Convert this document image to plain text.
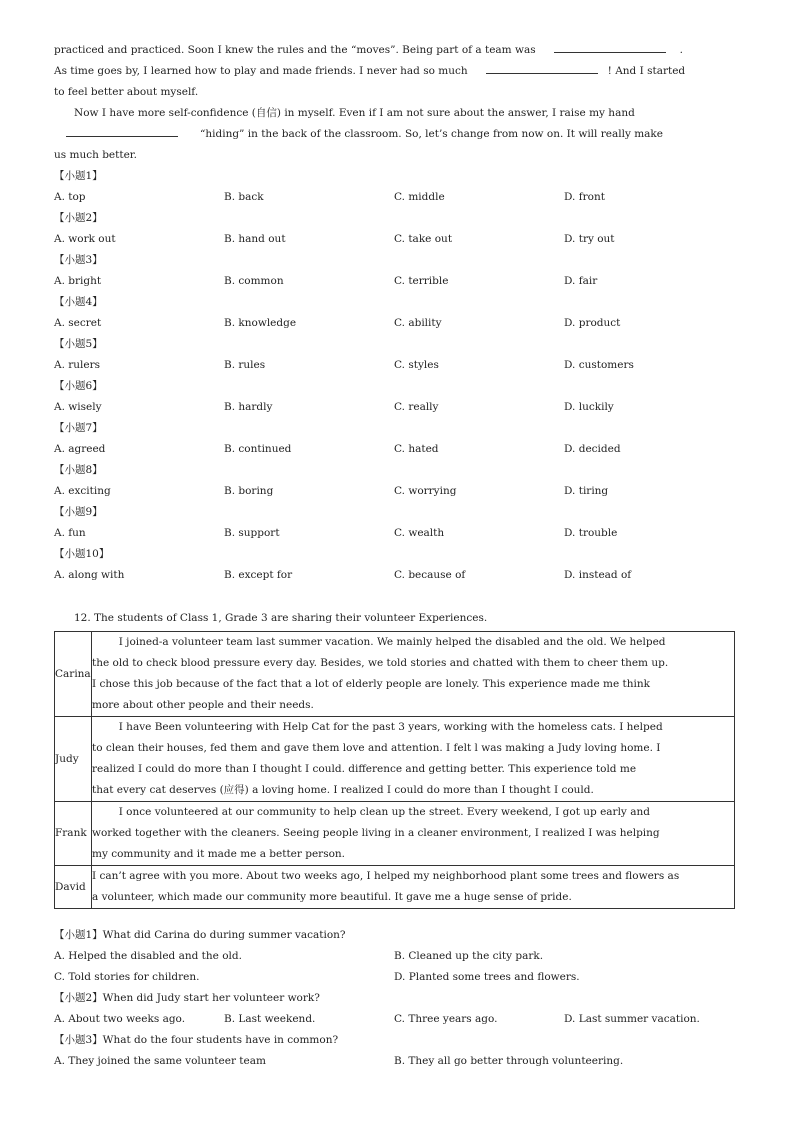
practiced and practiced. Soon I knew the rules and the “moves”. Being part of a team was	.

As time goes by, I learned how to play and made friends. I never had so much	! And I started

to feel better about myself.

Now I have more self-confidence (自信) in myself. Even if I am not sure about the answer, I raise my hand

“hiding” in the back of the classroom. So, let’s change from now on. It will really make

us much better.

【小题1】
A. top	B. back	C. middle	D. front
【小题2】
A. work out	B. hand out	C. take out	D. try out
【小题3】
A. bright	B. common	C. terrible	D. fair
【小题4】
A. secret	B. knowledge	C. ability	D. product
【小题5】
A. rulers	B. rules	C. styles	D. customers
【小题6】
A. wisely	B. hardly	C. really	D. luckily
【小题7】
A. agreed	B. continued	C. hated	D. decided
【小题8】
A. exciting	B. boring	C. worrying	D. tiring
【小题9】
A. fun	B. support	C. wealth	D. trouble
【小题10】
A. along with	B. except for	C. because of	D. instead of
12. The students of Class 1, Grade 3 are sharing their volunteer Experiences.
Carina	I joined-a volunteer team last summer vacation. We mainly helped the disabled and the old. We helped
the old to check blood pressure every day. Besides, we told stories and chatted with them to cheer them up.
I chose this job because of the fact that a lot of elderly people are lonely. This experience made me think
more about other people and their needs.

Judy	I have Been volunteering with Help Cat for the past 3 years, working with the homeless cats. I helped
to clean their houses, fed them and gave them love and attention. I felt l was making a Judy loving home. I
realized I could do more than I thought I could. difference and getting better. This experience told me
that every cat deserves (应得) a loving home. I realized I could do more than I thought I could.

Frank	I once volunteered at our community to help clean up the street. Every weekend, I got up early and
worked together with the cleaners. Seeing people living in a cleaner environment, I realized I was helping
my community and it made me a better person.

David	I can’t agree with you more. About two weeks ago, I helped my neighborhood plant some trees and flowers as
a volunteer, which made our community more beautiful. It gave me a huge sense of pride.
【小题1】What did Carina do during summer vacation?
A. Helped the disabled and the old.	B. Cleaned up the city park.
C. Told stories for children.	D. Planted some trees and flowers.
【小题2】When did Judy start her volunteer work?
A. About two weeks ago.	B. Last weekend.	C. Three years ago.	D. Last summer vacation.
【小题3】What do the four students have in common?
A. They joined the same volunteer team	B. They all go better through volunteering.
